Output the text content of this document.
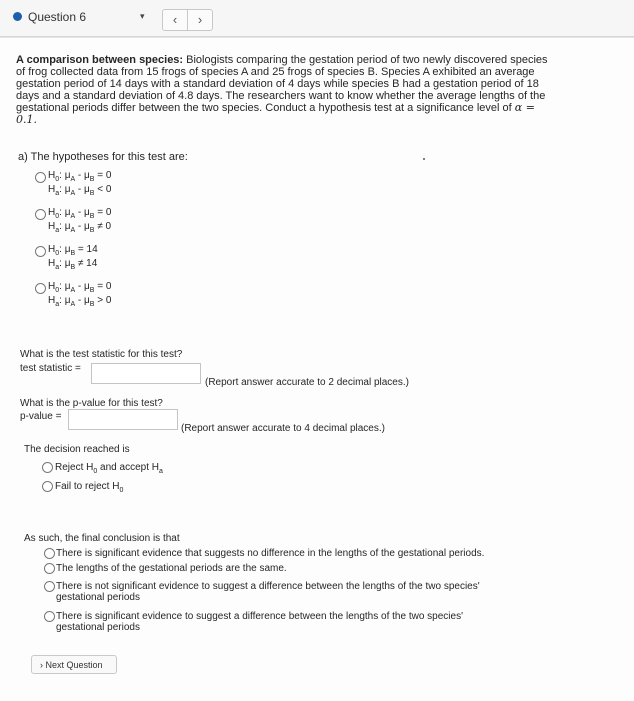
Question 6	▾	‹	›
A comparison between species: Biologists comparing the gestation period of two newly discovered species of frog collected data from 15 frogs of species A and 25 frogs of species B. Species A exhibited an average gestation period of 14 days with a standard deviation of 4 days while species B had a gestation period of 18 days and a standard deviation of 4.8 days. The researchers want to know whether the average lengths of the gestational periods differ between the two species. Conduct a hypothesis test at a significance level of α = 0.1.
a) The hypotheses for this test are:
$H_0$: $\mu_A - \mu_B = 0$
$H_a$: $\mu_A - \mu_B < 0$
$H_0$: $\mu_A - \mu_B = 0$
$H_a$: $\mu_A - \mu_B \ne 0$
$H_0$: $\mu_B = 14$
$H_a$: $\mu_B \ne 14$
$H_0$: $\mu_A - \mu_B = 0$
$H_a$: $\mu_A - \mu_B > 0$
What is the test statistic for this test?
test statistic =
(Report answer accurate to 2 decimal places.)
What is the p-value for this test?
p-value =
(Report answer accurate to 4 decimal places.)
The decision reached is
Reject $H_0$ and accept $H_a$
Fail to reject $H_0$
As such, the final conclusion is that
There is significant evidence that suggests no difference in the lengths of the gestational periods.
The lengths of the gestational periods are the same.
There is not significant evidence to suggest a difference between the lengths of the two species' gestational periods
There is significant evidence to suggest a difference between the lengths of the two species' gestational periods
› Next Question
